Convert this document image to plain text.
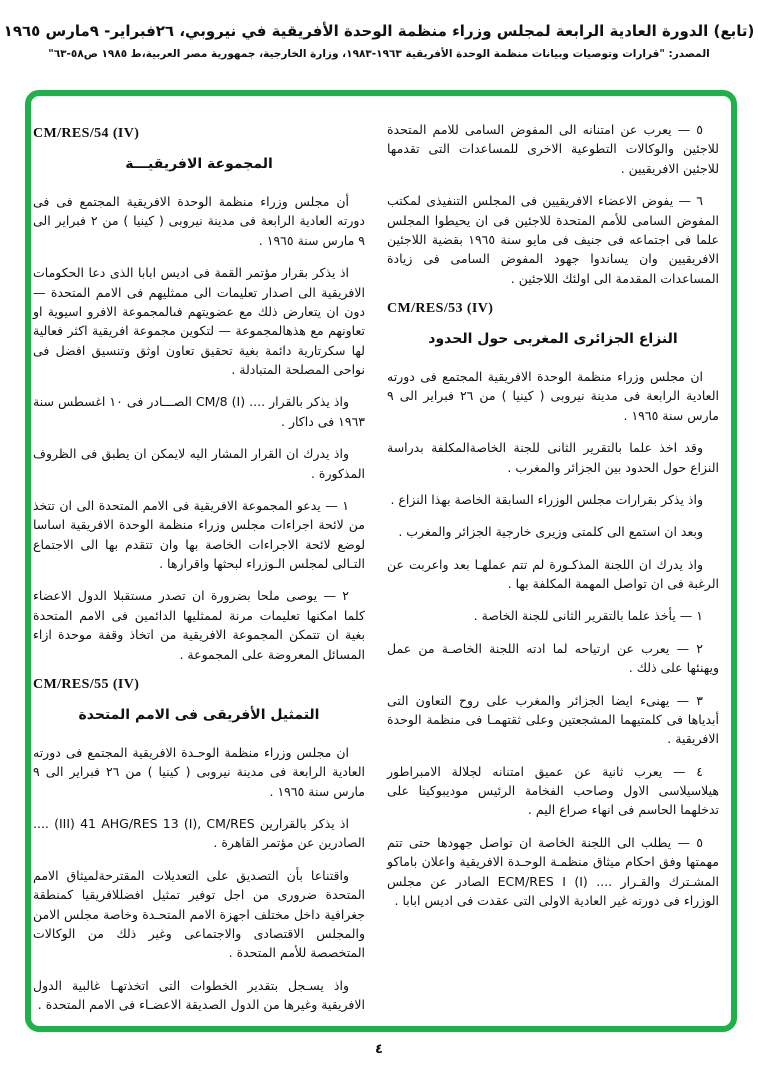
(تابع) الدورة العادية الرابعة لمجلس وزراء منظمة الوحدة الأفريقية في نيروبي، ٢٦فبراير- ٩مارس ١٩٦٥
المصدر: "قرارات وتوصيات وبيانات منظمة الوحدة الأفريقية ١٩٦٣-١٩٨٣، وزارة الخارجية، جمهورية مصر العربية،ط ١٩٨٥ ص٥٨-٦٣"
٥ — يعرب عن امتنانه الى المفوض السامى للامم المتحدة للاجئين والوكالات التطوعية الاخرى للمساعدات التى تقدمها للاجئين الافريقيين .
٦ — يفوض الاعضاء الافريقيين فى المجلس التنفيذى لمكتب المفوض السامى للأمم المتحدة للاجئين فى ان يحيطوا المجلس علما فى اجتماعه فى جنيف فى مايو سنة ١٩٦٥ بقضية اللاجئين الافريقيين وان يساندوا جهود المفوض السامى فى زيادة المساعدات المقدمة الى اولئك اللاجئين .
CM/RES/53 (IV)
النزاع الجزائرى المغربى حول الحدود
ان مجلس وزراء منظمة الوحدة الافريقية المجتمع فى دورته العادية الرابعة فى مدينة نيروبى ( كينيا ) من ٢٦ فبراير الى ٩ مارس سنة ١٩٦٥ .
وقد اخذ علما بالتقرير الثانى للجنة الخاصةالمكلفة بدراسة النزاع حول الحدود بين الجزائر والمغرب .
واذ يذكر بقرارات مجلس الوزراء السابقة الخاصة بهذا النزاع .
وبعد ان استمع الى كلمتى وزيرى خارجية الجزائر والمغرب .
واذ يدرك ان اللجنة المذكـورة لم تتم عملهـا بعد واعربت عن الرغبة فى ان تواصل المهمة المكلفة بها .
١ — يأخذ علما بالتقرير الثانى للجنة الخاصة .
٢ — يعرب عن ارتياحه لما ادته اللجنة الخاصـة من عمل ويهنئها على ذلك .
٣ — يهنىء ايضا الجزائر والمغرب على روح التعاون التى أبدياها فى كلمتيهما المشجعتين وعلى ثقتهمـا فى منظمة الوحدة الافريقية .
٤ — يعرب ثانية عن عميق امتنانه لجلالة الامبراطور هيلاسيلاسى الاول وصاحب الفخامة الرئيس موديبوكيتا على تدخلهما الحاسم فى انهاء صراع اليم .
٥ — يطلب الى اللجنة الخاصة ان تواصل جهودها حتى تتم مهمتها وفق احكام ميثاق منظمـة الوحـدة الافريقية واعلان باماكو المشـترك والقـرار .... ECM/RES I (I) الصادر عن مجلس الوزراء فى دورته غير العادية الاولى التى عقدت فى اديس ابابا .
CM/RES/54 (IV)
المجموعة الافريقيـــة
أن مجلس وزراء منظمة الوحدة الافريقية المجتمع فى فى دورته العادية الرابعة فى مدينة نيروبى ( كينيا ) من ٢ فبراير الى ٩ مارس سنة ١٩٦٥ .
اذ يذكر بقرار مؤتمر القمة فى اديس ابابا الذى دعا الحكومات الافريقية الى اصدار تعليمات الى ممثليهم فى الامم المتحدة — دون ان يتعارض ذلك مع عضويتهم فىالمجموعة الافرو اسيوية او تعاونهم مع هذهالمجموعة — لتكوين مجموعة افريقية اكثر فعالية لها سكرتارية دائمة بغية تحقيق تعاون اوثق وتنسيق افضل فى نواحى المصلحة المتبادلة .
واذ يذكر بالقرار .... CM/8 (I) الصـــادر فى ١٠ اغسطس سنة ١٩٦٣ فى داكار .
واذ يدرك ان القرار المشار اليه لايمكن ان يطبق فى الظروف المذكورة .
١ — يدعو المجموعة الافريقية فى الامم المتحدة الى ان تتخذ من لائحة اجراءات مجلس وزراء منظمة الوحدة الافريقية اساسا لوضع لائحة الاجراءات الخاصة بها وان تتقدم بها الى الاجتماع التـالى لمجلس الـوزراء لبحثها واقرارها .
٢ — يوصى ملحا بضرورة ان تصدر مستقبلا الدول الاعضاء كلما امكنها تعليمات مرنة لممثليها الدائمين فى الامم المتحدة بغية ان تتمكن المجموعة الافريقية من اتخاذ وقفة موحدة ازاء المسائل المعروضة على المجموعة .
CM/RES/55 (IV)
التمثيل الأفريقى فى الامم المتحدة
ان مجلس وزراء منظمة الوحـدة الافريقية المجتمع فى دورته العادية الرابعة فى مدينة نيروبى ( كينيا ) من ٢٦ فبراير الى ٩ مارس سنة ١٩٦٥ .
اذ يذكر بالقرارين AHG/RES 13 (I), CM/RES ‏41 (III)‏ .... الصادرين عن مؤتمر القاهرة .
واقتناعا بأن التصديق على التعديلات المقترحةلميثاق الامم المتحدة ضرورى من اجل توفير تمثيل افضللافريقيا كمنطقة جغرافية داخل مختلف اجهزة الامم المتحـدة وخاصة مجلس الامن والمجلس الاقتصادى والاجتماعى وغير ذلك من الوكالات المتخصصة للأمم المتحدة .
واذ يسـجل بتقدير الخطوات التى اتخذتهـا غالبية الدول الافريقية وغيرها من الدول الصديقة الاعضـاء فى الامم المتحدة .
٤
